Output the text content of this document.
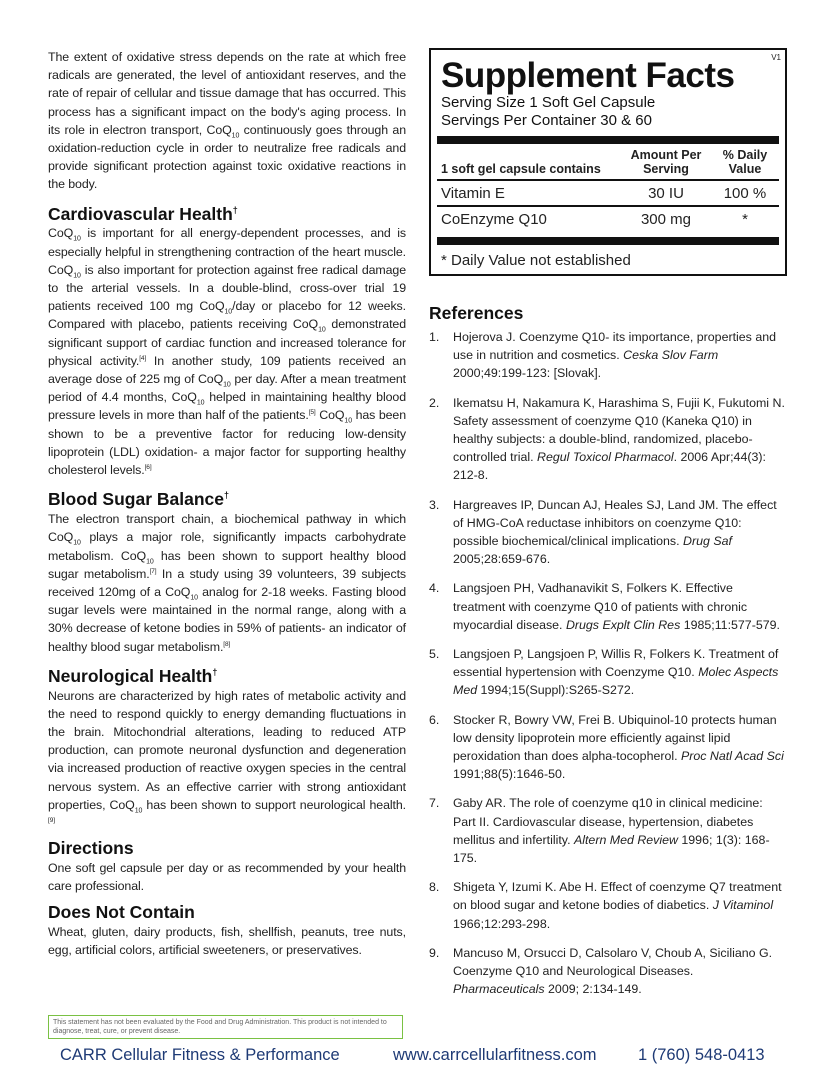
The extent of oxidative stress depends on the rate at which free radicals are generated, the level of antioxidant reserves, and the rate of repair of cellular and tissue damage that has occurred. This process has a significant impact on the body's aging process. In its role in electron transport, CoQ$_{10}$ continuously goes through an oxidation-reduction cycle in order to neutralize free radicals and provide significant protection against toxic oxidative reactions in the body.

Cardiovascular Health†

CoQ$_{10}$ is important for all energy-dependent processes, and is especially helpful in strengthening contraction of the heart muscle. CoQ$_{10}$ is also important for protection against free radical damage to the arterial vessels. In a double-blind, cross-over trial 19 patients received 100 mg CoQ$_{10}$/day or placebo for 12 weeks. Compared with placebo, patients receiving CoQ$_{10}$ demonstrated significant support of cardiac function and increased tolerance for physical activity.[4] In another study, 109 patients received an average dose of 225 mg of CoQ$_{10}$ per day. After a mean treatment period of 4.4 months, CoQ$_{10}$ helped in maintaining healthy blood pressure levels in more than half of the patients.[5] CoQ$_{10}$ has been shown to be a preventive factor for reducing low-density lipoprotein (LDL) oxidation- a major factor for supporting healthy cholesterol levels.[6]

Blood Sugar Balance†

The electron transport chain, a biochemical pathway in which CoQ$_{10}$ plays a major role, significantly impacts carbohydrate metabolism. CoQ$_{10}$ has been shown to support healthy blood sugar metabolism.[7] In a study using 39 volunteers, 39 subjects received 120mg of a CoQ$_{10}$ analog for 2-18 weeks. Fasting blood sugar levels were maintained in the normal range, along with a 30% decrease of ketone bodies in 59% of patients- an indicator of healthy blood sugar metabolism.[8]

Neurological Health†

Neurons are characterized by high rates of metabolic activity and the need to respond quickly to energy demanding fluctuations in the brain. Mitochondrial alterations, leading to reduced ATP production, can promote neuronal dysfunction and degeneration via increased production of reactive oxygen species in the central nervous system. As an effective carrier with strong antioxidant properties, CoQ$_{10}$ has been shown to support neurological health.[9]

Directions

One soft gel capsule per day or as recommended by your health care professional.

Does Not Contain

Wheat, gluten, dairy products, fish, shellfish, peanuts, tree nuts, egg, artificial colors, artificial sweeteners, or preservatives.

V1
Supplement Facts
Serving Size 1 Soft Gel Capsule
Servings Per Container 30 & 60
1 soft gel capsule contains
Amount Per Serving
% Daily Value
Vitamin E	30 IU	100 %
CoEnzyme Q10	300 mg	*
* Daily Value not established
References
1. Hojerova J. Coenzyme Q10- its importance, properties and use in nutrition and cosmetics. Ceska Slov Farm 2000;49:199-123: [Slovak].
2. Ikematsu H, Nakamura K, Harashima S, Fujii K, Fukutomi N. Safety assessment of coenzyme Q10 (Kaneka Q10) in healthy subjects: a double-blind, randomized, placebo-controlled trial. Regul Toxicol Pharmacol. 2006 Apr;44(3): 212-8.
3. Hargreaves IP, Duncan AJ, Heales SJ, Land JM. The effect of HMG-CoA reductase inhibitors on coenzyme Q10: possible biochemical/clinical implications. Drug Saf 2005;28:659-676.
4. Langsjoen PH, Vadhanavikit S, Folkers K. Effective treatment with coenzyme Q10 of patients with chronic myocardial disease. Drugs Explt Clin Res 1985;11:577-579.
5. Langsjoen P, Langsjoen P, Willis R, Folkers K. Treatment of essential hypertension with Coenzyme Q10. Molec Aspects Med 1994;15(Suppl):S265-S272.
6. Stocker R, Bowry VW, Frei B. Ubiquinol-10 protects human low density lipoprotein more efficiently against lipid peroxidation than does alpha-tocopherol. Proc Natl Acad Sci 1991;88(5):1646-50.
7. Gaby AR. The role of coenzyme q10 in clinical medicine: Part II. Cardiovascular disease, hypertension, diabetes mellitus and infertility. Altern Med Review 1996; 1(3): 168-175.
8. Shigeta Y, Izumi K. Abe H. Effect of coenzyme Q7 treatment on blood sugar and ketone bodies of diabetics. J Vitaminol 1966;12:293-298.
9. Mancuso M, Orsucci D, Calsolaro V, Choub A, Siciliano G. Coenzyme Q10 and Neurological Diseases. Pharmaceuticals 2009; 2:134-149.
This statement has not been evaluated by the Food and Drug Administration. This product is not intended to diagnose, treat, cure, or prevent disease.
CARR Cellular Fitness & Performance	www.carrcellularfitness.com	1 (760) 548-0413
